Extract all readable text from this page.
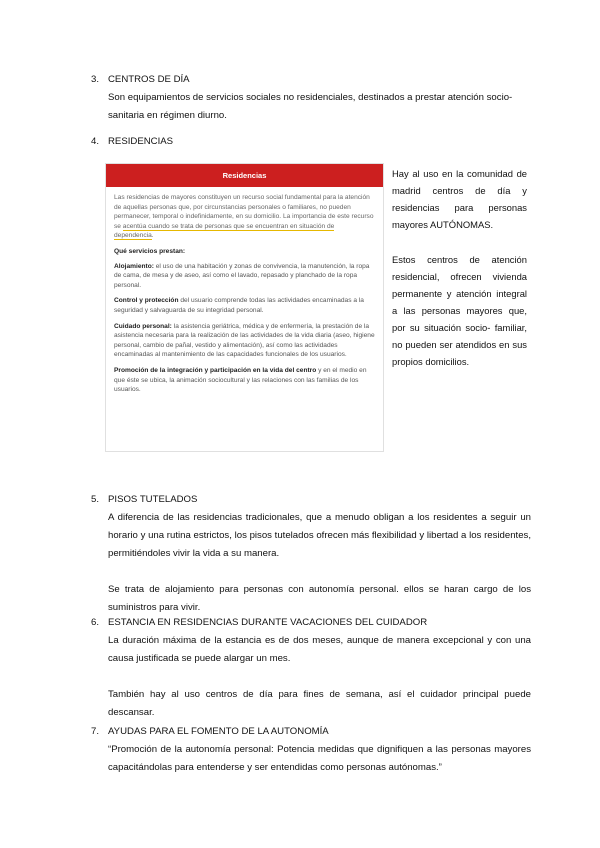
3. CENTROS DE DÍA

Son equipamientos de servicios sociales no residenciales, destinados a prestar atención socio-sanitaria en régimen diurno.

4. RESIDENCIAS
Residencias

Las residencias de mayores constituyen un recurso social fundamental para la atención de aquellas personas que, por circunstancias personales o familiares, no pueden permanecer, temporal o indefinidamente, en su domicilio. La importancia de este recurso se acentúa cuando se trata de personas que se encuentran en situación de dependencia.

Qué servicios prestan:

Alojamiento: el uso de una habitación y zonas de convivencia, la manutención, la ropa de cama, de mesa y de aseo, así como el lavado, repasado y planchado de la ropa personal.

Control y protección del usuario comprende todas las actividades encaminadas a la seguridad y salvaguarda de su integridad personal.

Cuidado personal: la asistencia geriátrica, médica y de enfermería, la prestación de la asistencia necesaria para la realización de las actividades de la vida diaria (aseo, higiene personal, cambio de pañal, vestido y alimentación), así como las actividades encaminadas al mantenimiento de las capacidades funcionales de los usuarios.

Promoción de la integración y participación en la vida del centro y en el medio en que éste se ubica, la animación sociocultural y las relaciones con las familias de los usuarios.

Hay al uso en la comunidad de madrid centros de día y residencias para personas mayores AUTÓNOMAS.

Estos centros de atención residencial, ofrecen vivienda permanente y atención integral a las personas mayores que, por su situación socio- familiar, no pueden ser atendidos en sus propios domicilios.

5. PISOS TUTELADOS

A diferencia de las residencias tradicionales, que a menudo obligan a los residentes a seguir un horario y una rutina estrictos, los pisos tutelados ofrecen más flexibilidad y libertad a los residentes, permitiéndoles vivir la vida a su manera.

Se trata de alojamiento para personas con autonomía personal. ellos se haran cargo de los suministros para vivir.

6. ESTANCIA EN RESIDENCIAS DURANTE VACACIONES DEL CUIDADOR

La duración máxima de la estancia es de dos meses, aunque de manera excepcional y con una causa justificada se puede alargar un mes.

También hay al uso centros de día para fines de semana, así el cuidador principal puede descansar.

7. AYUDAS PARA EL FOMENTO DE LA AUTONOMÍA

“Promoción de la autonomía personal: Potencia medidas que dignifiquen a las personas mayores capacitándolas para entenderse y ser entendidas como personas autónomas.”
